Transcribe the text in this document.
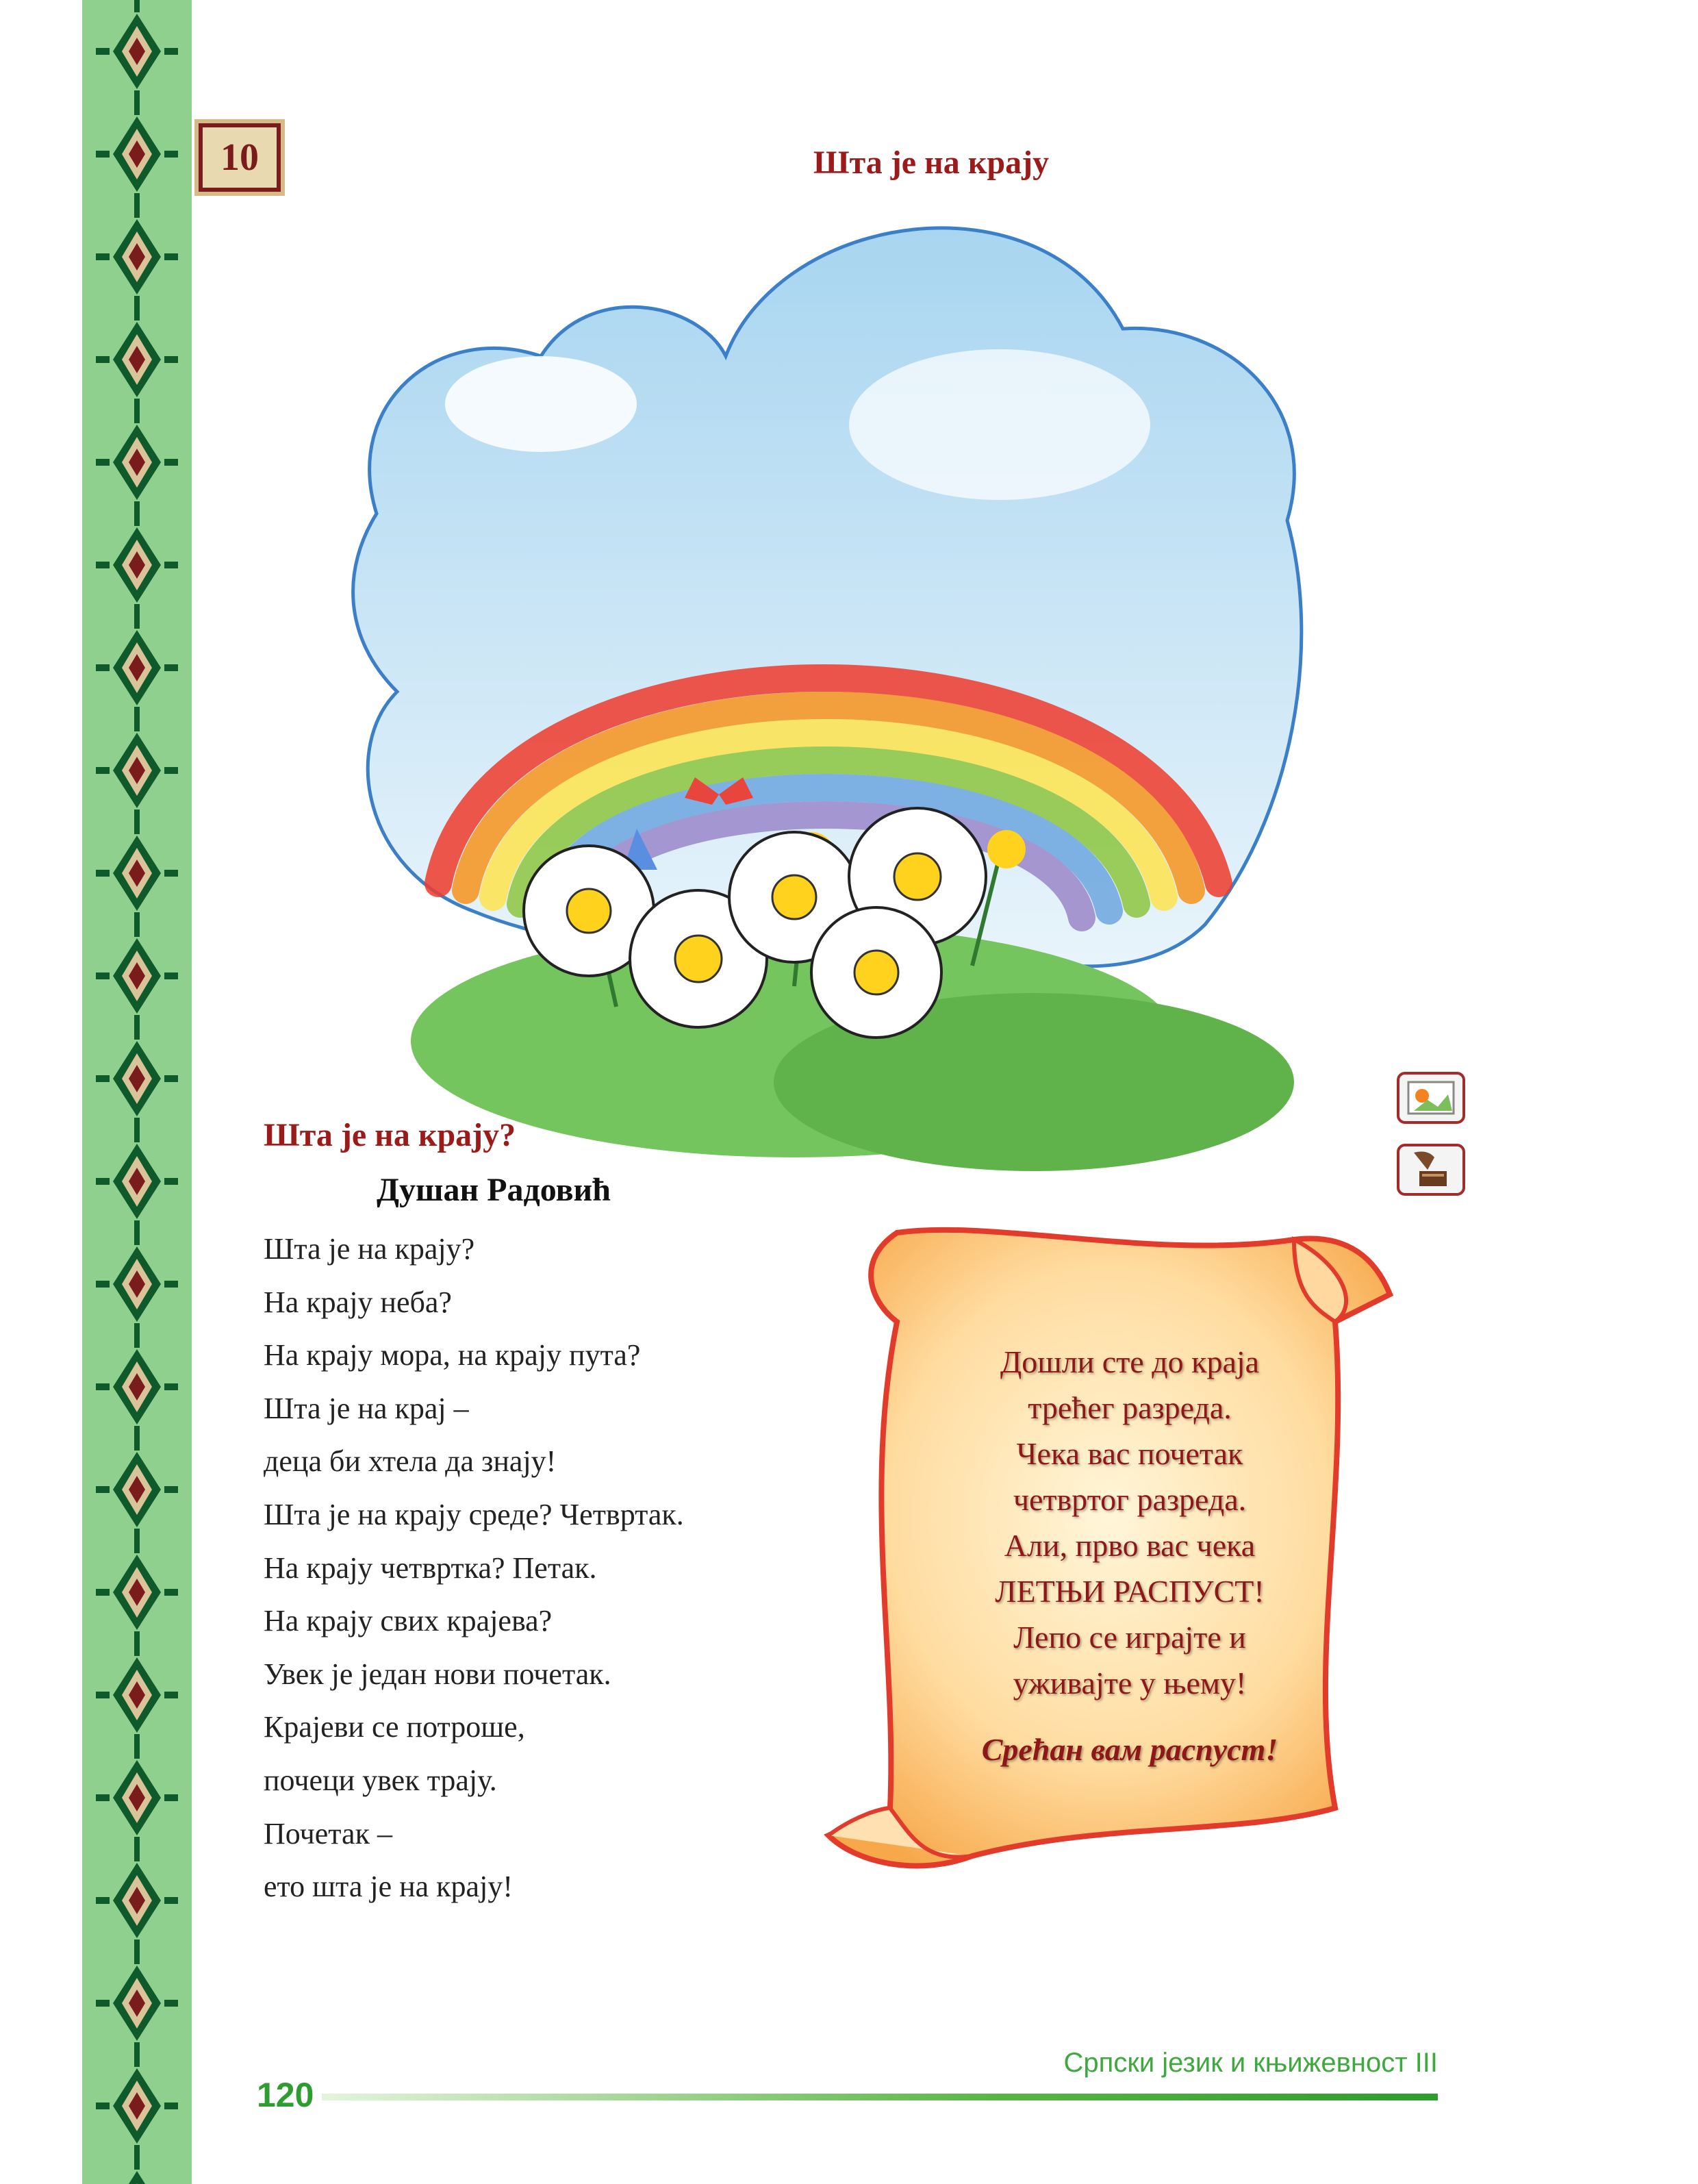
10	Шта је на крају
Шта је на крају?
Душан Радовић
Шта је на крају?
На крају неба?
На крају мора, на крају пута?
Шта је на крај –
деца би хтела да знају!
Шта је на крају среде? Четвртак.
На крају четвртка? Петак.
На крају свих крајева?
Увек је један нови почетак.
Крајеви се потроше,
почеци увек трају.
Почетак –
ето шта је на крају!
Дошли сте до краја
трећег разреда.
Чека вас почетак
четвртог разреда.
Али, прво вас чека
ЛЕТЊИ РАСПУСТ!
Лепо се играјте и
уживајте у њему!
Срећан вам распуст!
Српски језик и књижевност III
120
